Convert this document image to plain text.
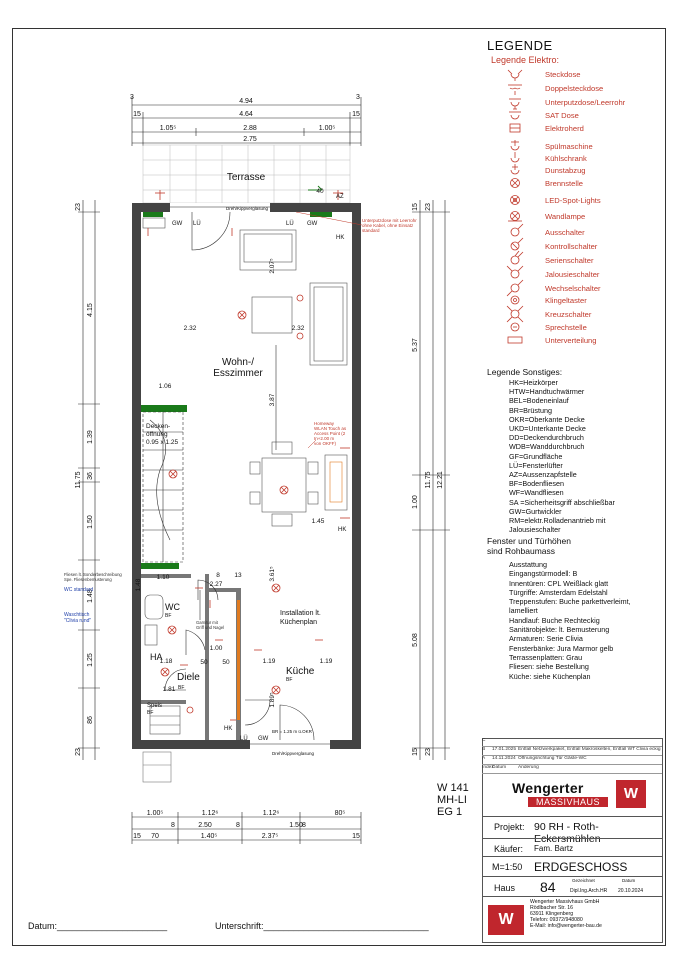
3	3
4.94
4.64
15	15
1.05⁵	2.88	1.00⁵
2.75
1.00⁵	1.12⁶	1.12⁶	80⁵
2.50	1.50
15	15
70	1.40⁵	2.37⁵
8	8	8
23
4.15
11.75
1.39
36
1.50
1.48
1.25
86
23
5.37
11.75 12.21
1.00
5.08
15
15
23
23
2.32	2.32
2.07⁵
3.87
1.06
1.45
1.10	3.61⁵
1.18	1.19	1.19
1.81
1.00
50 50
2.27
1.89⁵
1.48
40
13
8
Terrasse
Wohn-/
Esszimmer
WC
Diele
Küche
HA
Speis
Installation lt.
Küchenplan
Decken-
öffnung
0.95 x 1.25
AZ
GW LÜ	LÜ GW
HK
HK
HK
LÜ GW
BR = 1.25 m ü.OKR
BF
BF
BF
BF
Dreh/Kippverglasung
Dreh/Kippverglasung
Unterputzdose mit Leerrohr
ohne Kabel, ohne Einsatz
standard
Homeway
WLAN Touch as
Access Point (2
In+2.00 m
von OKFF)
Fliesen lt. Sonderbeschreibung
Spe. Fliesenbemusterung
WC standard
Waschtisch
"Clivia rund"	Garnitur mit
Griff und Nagel
LEGENDE
Legende Elektro:
Steckdose
Doppelsteckdose
Unterputzdose/Leerrohr
SAT Dose
Elektroherd
Spülmaschine
Kühlschrank
Dunstabzug
Brennstelle
LED-Spot-Lights
Wandlampe
Ausschalter
Kontrollschalter
Serienschalter
Jalousieschalter
Wechselschalter
Klingeltaster
Kreuzschalter
Sprechstelle
Unterverteilung
Legende Sonstiges:
HK=Heizkörper
HTW=Handtuchwärmer
BEL=Bodeneinlauf
BR=Brüstung
OKR=Oberkante Decke
UKD=Unterkante Decke
DD=Deckendurchbruch
WDB=Wanddurchbruch
GF=Grundfläche
LÜ=Fensterlüfter
AZ=Aussenzapfstelle
BF=Bodenfliesen
WF=Wandfliesen
SA =Sicherheitsgriff abschließbar
GW=Gurtwickler
RM=elektr.Rolladenantrieb mit
Jalousieschalter
Fenster und Türhöhen
sind Rohbaumass
Ausstattung
Eingangstürmodell: B
Innentüren: CPL Weißlack glatt
Türgriffe: Amsterdam Edelstahl
Treppenstufen: Buche parkettverleimt,
lamelliert
Handlauf: Buche Rechteckig
Sanitärobjekte: lt. Bemusterung
Armaturen: Serie Clivia
Fensterbänke: Jura Marmor gelb
Terrassenplatten: Grau
Fliesen: siehe Bestellung
Küche: siehe Küchenplan
W 141
MH-LI
EG 1
C
B 17.01.2025 Entfall Netzwerkpaket, Entfall Makroskelten, Entfall WT Clivia eckig
A 14.11.2024 Öffnungsrichtung Tür Gäste-WC
IndexDatum Änderung
Wengerter
MASSIVHAUS	W
Projekt: 90 RH - Roth-Eckersmühlen
Käufer: Fam. Bartz
M=1:50 ERDGESCHOSS
Haus 84	Gezeichnet	Datum
Dipl.Ing.Arch.HR 20.10.2024
W
Wengerter Massivhaus GmbH
Rödlbacher Str. 16
63911 Klingenberg
Telefon: 09372/948080
E-Mail: info@wengerter-bau.de
Datum:______________________	Unterschrift:_________________________________
